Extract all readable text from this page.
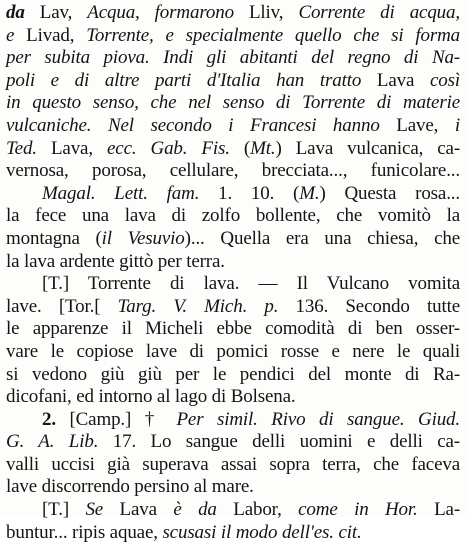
da Lav, Acqua, formarono Lliv, Corrente di acqua,
e Livad, Torrente, e specialmente quello che si forma
per subita piova. Indi gli abitanti del regno di Na-
poli e di altre parti d'Italia han tratto Lava così
in questo senso, che nel senso di Torrente di materie
vulcaniche. Nel secondo i Francesi hanno Lave, i
Ted. Lava, ecc. Gab. Fis. (Mt.) Lava vulcanica, ca-
vernosa, porosa, cellulare, brecciata..., funicolare...
Magal. Lett. fam. 1. 10. (M.) Questa rosa...
la fece una lava di zolfo bollente, che vomitò la
montagna (il Vesuvio)... Quella era una chiesa, che
la lava ardente gittò per terra.
[T.] Torrente di lava. — Il Vulcano vomita
lave. [Tor.[ Targ. V. Mich. p. 136. Secondo tutte
le apparenze il Micheli ebbe comodità di ben osser-
vare le copiose lave di pomici rosse e nere le quali
si vedono giù giù per le pendici del monte di Ra-
dicofani, ed intorno al lago di Bolsena.
2. [Camp.] † Per simil. Rivo di sangue. Giud.
G. A. Lib. 17. Lo sangue delli uomini e delli ca-
valli uccisi già superava assai sopra terra, che faceva
lave discorrendo persino al mare.
[T.] Se Lava è da Labor, come in Hor. La-
buntur... ripis aquae, scusasi il modo dell'es. cit.
